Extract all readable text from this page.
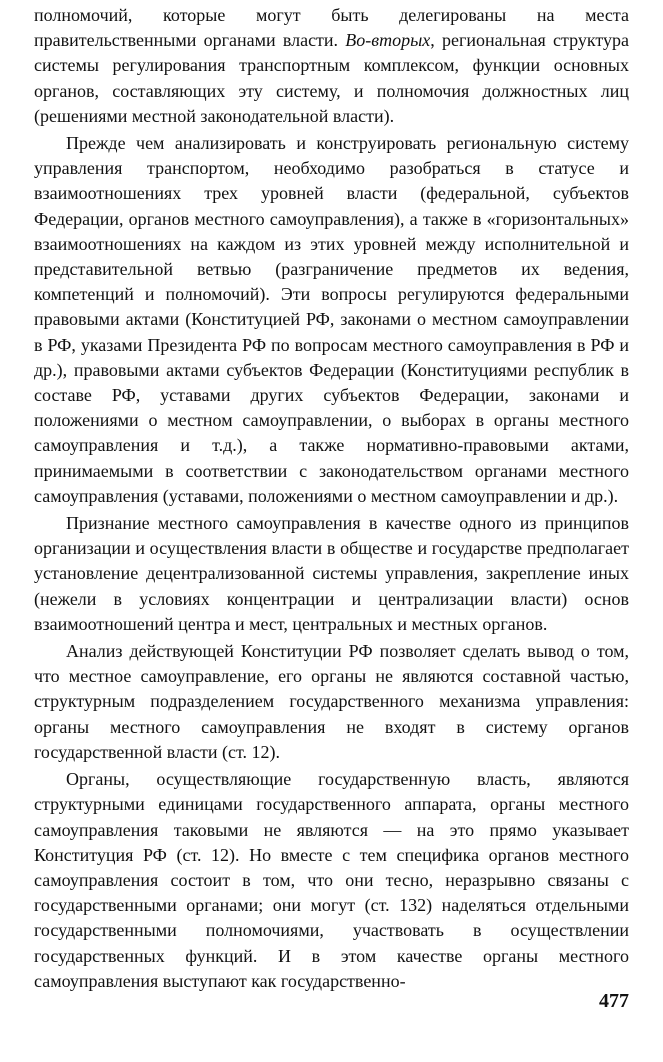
полномочий, которые могут быть делегированы на места правительственными органами власти. Во-вторых, региональная структура системы регулирования транспортным комплексом, функции основных органов, составляющих эту систему, и полномочия должностных лиц (решениями местной законодательной власти).

Прежде чем анализировать и конструировать региональную систему управления транспортом, необходимо разобраться в статусе и взаимоотношениях трех уровней власти (федеральной, субъектов Федерации, органов местного самоуправления), а также в «горизонтальных» взаимоотношениях на каждом из этих уровней между исполнительной и представительной ветвью (разграничение предметов их ведения, компетенций и полномочий). Эти вопросы регулируются федеральными правовыми актами (Конституцией РФ, законами о местном самоуправлении в РФ, указами Президента РФ по вопросам местного самоуправления в РФ и др.), правовыми актами субъектов Федерации (Конституциями республик в составе РФ, уставами других субъектов Федерации, законами и положениями о местном самоуправлении, о выборах в органы местного самоуправления и т.д.), а также нормативно-правовыми актами, принимаемыми в соответствии с законодательством органами местного самоуправления (уставами, положениями о местном самоуправлении и др.).

Признание местного самоуправления в качестве одного из принципов организации и осуществления власти в обществе и государстве предполагает установление децентрализованной системы управления, закрепление иных (нежели в условиях концентрации и централизации власти) основ взаимоотношений центра и мест, центральных и местных органов.

Анализ действующей Конституции РФ позволяет сделать вывод о том, что местное самоуправление, его органы не являются составной частью, структурным подразделением государственного механизма управления: органы местного самоуправления не входят в систему органов государственной власти (ст. 12).

Органы, осуществляющие государственную власть, являются структурными единицами государственного аппарата, органы местного самоуправления таковыми не являются — на это прямо указывает Конституция РФ (ст. 12). Но вместе с тем специфика органов местного самоуправления состоит в том, что они тесно, неразрывно связаны с государственными органами; они могут (ст. 132) наделяться отдельными государственными полномочиями, участвовать в осуществлении государственных функций. И в этом качестве органы местного самоуправления выступают как государственно-

477
